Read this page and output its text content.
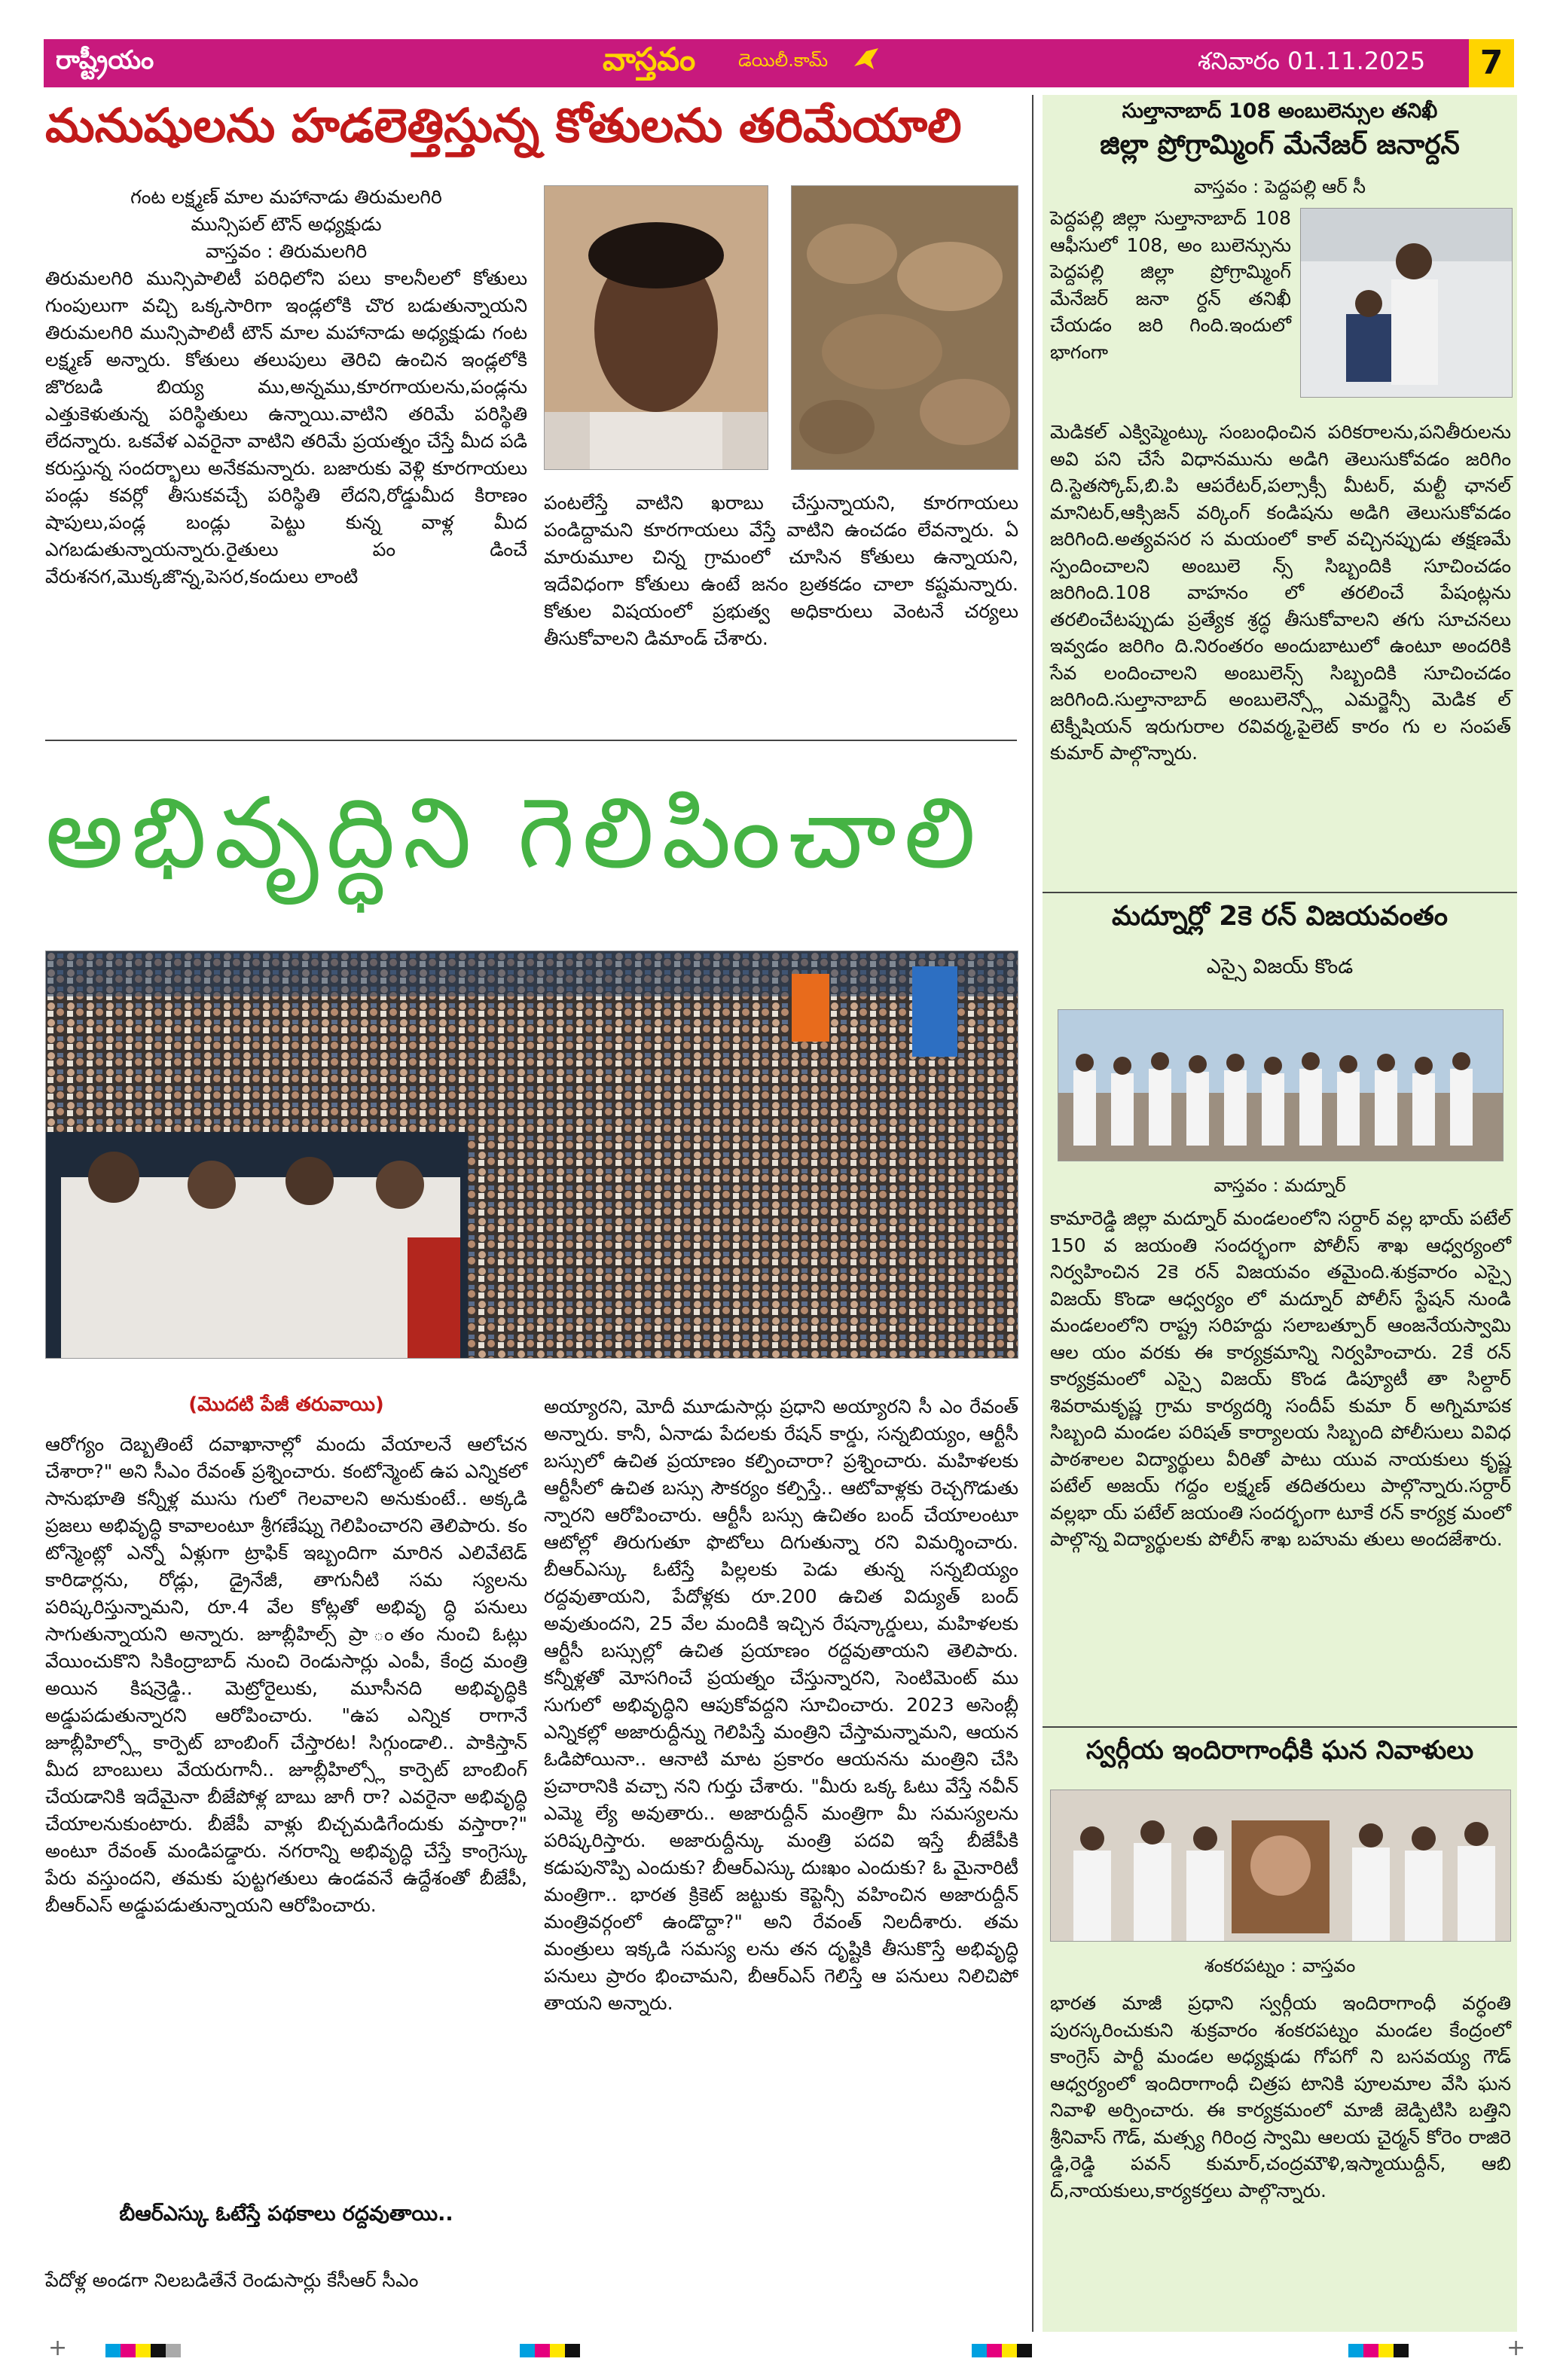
రాష్ట్రీయం	వాస్తవం డెయిలీ.కామ్	శనివారం 01.11.2025	7
మనుషులను హడలెత్తిస్తున్న కోతులను తరిమేయాలి
గంట లక్ష్మణ్ మాల మహానాడు తిరుమలగిరి
మున్సిపల్ టౌన్ అధ్యక్షుడు
వాస్తవం : తిరుమలగిరి

తిరుమలగిరి మున్సిపాలిటీ పరిధిలోని పలు కాలనీలలో కోతులు గుంపులుగా వచ్చి ఒక్కసారిగా ఇండ్లలోకి చొర బడుతున్నాయని తిరుమలగిరి మున్సిపాలిటీ టౌన్ మాల మహానాడు అధ్యక్షుడు గంట లక్ష్మణ్ అన్నారు. కోతులు తలుపులు తెరిచి ఉంచిన ఇండ్లలోకి జొరబడి బియ్య ము,అన్నము,కూరగాయలను,పండ్లను ఎత్తుకెళుతున్న పరిస్థితులు ఉన్నాయి.వాటిని తరిమే పరిస్థితి లేదన్నారు. ఒకవేళ ఎవరైనా వాటిని తరిమే ప్రయత్నం చేస్తే మీద పడి కరుస్తున్న సందర్భాలు అనేకమన్నారు. బజారుకు వెళ్లి కూరగాయలు పండ్లు కవర్లో తీసుకవచ్చే పరిస్థితి లేదని,రోడ్డుమీద కిరాణం షాపులు,పండ్ల బండ్లు పెట్టు కున్న వాళ్ల మీద ఎగబడుతున్నాయన్నారు.రైతులు పం డించే వేరుశనగ,మొక్కజొన్న,పెసర,కందులు లాంటి

పంటలేస్తే వాటిని ఖరాబు చేస్తున్నాయని, కూరగాయలు పండిద్దామని కూరగాయలు వేస్తే వాటిని ఉంచడం లేవన్నారు. ఏ మారుమూల చిన్న గ్రామంలో చూసిన కోతులు ఉన్నాయని, ఇదేవిధంగా కోతులు ఉంటే జనం బ్రతకడం చాలా కష్టమన్నారు. కోతుల విషయంలో ప్రభుత్వ అధికారులు వెంటనే చర్యలు తీసుకోవాలని డిమాండ్ చేశారు.

అభివృద్ధిని గెలిపించాలి
(మొదటి పేజీ తరువాయి)

ఆరోగ్యం దెబ్బతింటే దవాఖానాల్లో మందు వేయాలనే ఆలోచన చేశారా?" అని సీఎం రేవంత్ ప్రశ్నించారు. కంటోన్మెంట్ ఉప ఎన్నికలో సానుభూతి కన్నీళ్ల ముసు గులో గెలవాలని అనుకుంటే.. అక్కడి ప్రజలు అభివృద్ధి కావాలంటూ శ్రీగణేష్ను గెలిపించారని తెలిపారు. కం టోన్మెంట్లో ఎన్నో ఏళ్లుగా ట్రాఫిక్ ఇబ్బందిగా మారిన ఎలివేటెడ్ కారిడార్లను, రోడ్లు, డ్రైనేజీ, తాగునీటి సమ స్యలను పరిష్కరిస్తున్నామని, రూ.4 వేల కోట్లతో అభివృ ద్ధి పనులు సాగుతున్నాయని అన్నారు. జూబ్లీహిల్స్ ప్రా ంతం నుంచి ఓట్లు వేయించుకొని సికింద్రాబాద్ నుంచి రెండుసార్లు ఎంపీ, కేంద్ర మంత్రి అయిన కిషన్రెడ్డి.. మెట్రోరైలుకు, మూసీనది అభివృద్ధికి అడ్డుపడుతున్నారని ఆరోపించారు. "ఉప ఎన్నిక రాగానే జూబ్లీహిల్స్లో కార్పెట్ బాంబింగ్ చేస్తారట! సిగ్గుండాలి.. పాకిస్తాన్ మీద బాంబులు వేయరుగానీ.. జూబ్లీహిల్స్లో కార్పెట్ బాంబింగ్ చేయడానికి ఇదేమైనా బీజేపోళ్ల బాబు జాగీ రా? ఎవరైనా అభివృద్ధి చేయాలనుకుంటారు. బీజేపీ వాళ్లు బిచ్చమడిగేందుకు వస్తారా?" అంటూ రేవంత్ మండిపడ్డారు. నగరాన్ని అభివృద్ధి చేస్తే కాంగ్రెస్కు పేరు వస్తుందని, తమకు పుట్టగతులు ఉండవనే ఉద్దేశంతో బీజేపీ, బీఆర్ఎస్ అడ్డుపడుతున్నాయని ఆరోపించారు.

బీఆర్ఎస్కు ఓటేస్తే పథకాలు రద్దవుతాయి..

పేదోళ్ల అండగా నిలబడితేనే రెండుసార్లు కేసీఆర్ సీఎం

అయ్యారని, మోదీ మూడుసార్లు ప్రధాని అయ్యారని సీ ఎం రేవంత్ అన్నారు. కానీ, ఏనాడు పేదలకు రేషన్ కార్డు, సన్నబియ్యం, ఆర్టీసీ బస్సులో ఉచిత ప్రయాణం కల్పించారా? ప్రశ్నించారు. మహిళలకు ఆర్టీసీలో ఉచిత బస్సు సౌకర్యం కల్పిస్తే.. ఆటోవాళ్లకు రెచ్చగొడుతు న్నారని ఆరోపించారు. ఆర్టీసీ బస్సు ఉచితం బంద్ చేయాలంటూ ఆటోల్లో తిరుగుతూ ఫొటోలు దిగుతున్నా రని విమర్శించారు. బీఆర్ఎస్కు ఓటేస్తే పిల్లలకు పెడు తున్న సన్నబియ్యం రద్దవుతాయని, పేదోళ్లకు రూ.200 ఉచిత విద్యుత్ బంద్ అవుతుందని, 25 వేల మందికి ఇచ్చిన రేషన్కార్డులు, మహిళలకు ఆర్టీసీ బస్సుల్లో ఉచిత ప్రయాణం రద్దవుతాయని తెలిపారు. కన్నీళ్లతో మోసగించే ప్రయత్నం చేస్తున్నారని, సెంటిమెంట్ ము సుగులో అభివృద్ధిని ఆపుకోవద్దని సూచించారు. 2023 అసెంబ్లీ ఎన్నికల్లో అజారుద్దీన్ను గెలిపిస్తే మంత్రిని చేస్తామన్నామని, ఆయన ఓడిపోయినా.. ఆనాటి మాట ప్రకారం ఆయనను మంత్రిని చేసి ప్రచారానికి వచ్చా నని గుర్తు చేశారు. "మీరు ఒక్క ఓటు వేస్తే నవీన్ ఎమ్మె ల్యే అవుతారు.. అజారుద్దీన్ మంత్రిగా మీ సమస్యలను పరిష్కరిస్తారు. అజారుద్దీన్కు మంత్రి పదవి ఇస్తే బీజేపీకి కడుపునొప్పి ఎందుకు? బీఆర్ఎస్కు దుఃఖం ఎందుకు? ఓ మైనారిటీ మంత్రిగా.. భారత క్రికెట్ జట్టుకు కెప్టెన్సీ వహించిన అజారుద్దీన్ మంత్రివర్గంలో ఉండొద్దా?" అని రేవంత్ నిలదీశారు. తమ మంత్రులు ఇక్కడి సమస్య లను తన దృష్టికి తీసుకొస్తే అభివృద్ధి పనులు ప్రారం భించామని, బీఆర్ఎస్ గెలిస్తే ఆ పనులు నిలిచిపో తాయని అన్నారు.

సుల్తానాబాద్ 108 అంబులెన్సుల తనిఖీ
జిల్లా ప్రోగ్రామ్మింగ్ మేనేజర్ జనార్దన్
వాస్తవం : పెద్దపల్లి ఆర్ సీ

పెద్దపల్లి జిల్లా సుల్తానాబాద్ 108 ఆఫీసులో 108, అం బులెన్సును పెద్దపల్లి జిల్లా ప్రోగ్రామ్మింగ్ మేనేజర్ జనా ర్దన్ తనిఖీ చేయడం జరి గింది.ఇందులో భాగంగా

మెడికల్ ఎక్విప్మెంట్కు సంబంధించిన పరికరాలను,పనితీరులను అవి పని చేసే విధానమును అడిగి తెలుసుకోవడం జరిగిం ది.స్టెతస్కోప్,బి.పి ఆపరేటర్,పల్సాక్సీ మీటర్, మల్టీ ఛానల్ మానిటర్,ఆక్సిజన్ వర్కింగ్ కండిషను అడిగి తెలుసుకోవడం జరిగింది.అత్యవసర స మయంలో కాల్ వచ్చినప్పుడు తక్షణమే స్పందించాలని అంబులె న్స్ సిబ్బందికి సూచించడం జరిగింది.108 వాహనం లో తరలించే పేషంట్లను తరలించేటప్పుడు ప్రత్యేక శ్రద్ధ తీసుకోవాలని తగు సూచనలు ఇవ్వడం జరిగిం ది.నిరంతరం అందుబాటులో ఉంటూ అందరికి సేవ లందించాలని అంబులెన్స్ సిబ్బందికి సూచించడం జరిగింది.సుల్తానాబాద్ అంబులెన్స్లో ఎమర్జెన్సీ మెడిక ల్ టెక్నీషియన్ ఇరుగురాల రవివర్మ,పైలెట్ కారం గు ల సంపత్ కుమార్ పాల్గొన్నారు.

మద్నూర్లో 2కె రన్ విజయవంతం
ఎస్సై విజయ్ కొండ
వాస్తవం : మద్నూర్

కామారెడ్డి జిల్లా మద్నూర్ మండలంలోని సర్దార్ వల్ల భాయ్ పటేల్ 150 వ జయంతి సందర్భంగా పోలీస్ శాఖ ఆధ్వర్యంలో నిర్వహించిన 2కె రన్ విజయవం తమైంది.శుక్రవారం ఎస్సై విజయ్ కొండా ఆధ్వర్యం లో మద్నూర్ పోలీస్ స్టేషన్ నుండి మండలంలోని రాష్ట్ర సరిహద్దు సలాబత్పూర్ ఆంజనేయస్వామి ఆల యం వరకు ఈ కార్యక్రమాన్ని నిర్వహించారు. 2కే రన్ కార్యక్రమంలో ఎస్సై విజయ్ కొండ డిప్యూటీ తా సిల్దార్ శివరామకృష్ణ గ్రామ కార్యదర్శి సందీప్ కుమా ర్ అగ్నిమాపక సిబ్బంది మండల పరిషత్ కార్యాలయ సిబ్బంది పోలీసులు వివిధ పాఠశాలల విద్యార్థులు వీరితో పాటు యువ నాయకులు కృష్ణ పటేల్ అజయ్ గద్దం లక్ష్మణ్ తదితరులు పాల్గొన్నారు.సర్దార్ వల్లభా య్ పటేల్ జయంతి సందర్భంగా టూకే రన్ కార్యక్ర మంలో పాల్గొన్న విద్యార్థులకు పోలీస్ శాఖ బహుమ తులు అందజేశారు.

స్వర్గీయ ఇందిరాగాంధీకి ఘన నివాళులు
శంకరపట్నం : వాస్తవం

భారత మాజీ ప్రధాని స్వర్గీయ ఇందిరాగాంధీ వర్ధంతి పురస్కరించుకుని శుక్రవారం శంకరపట్నం మండల కేంద్రంలో కాంగ్రెస్ పార్టీ మండల అధ్యక్షుడు గోపగో ని బసవయ్య గౌడ్ ఆధ్వర్యంలో ఇందిరాగాంధీ చిత్రప టానికి పూలమాల వేసి ఘన నివాళి అర్పించారు. ఈ కార్యక్రమంలో మాజీ జెడ్పిటిసి బత్తిని శ్రీనివాస్ గౌడ్, మత్స్య గిరింద్ర స్వామి ఆలయ చైర్మన్ కోరెం రాజిరె డ్డి,రెడ్డి పవన్ కుమార్,చంద్రమౌళి,ఇస్మాయుద్దీన్, ఆబి ద్,నాయకులు,కార్యకర్తలు పాల్గొన్నారు.

+	+
